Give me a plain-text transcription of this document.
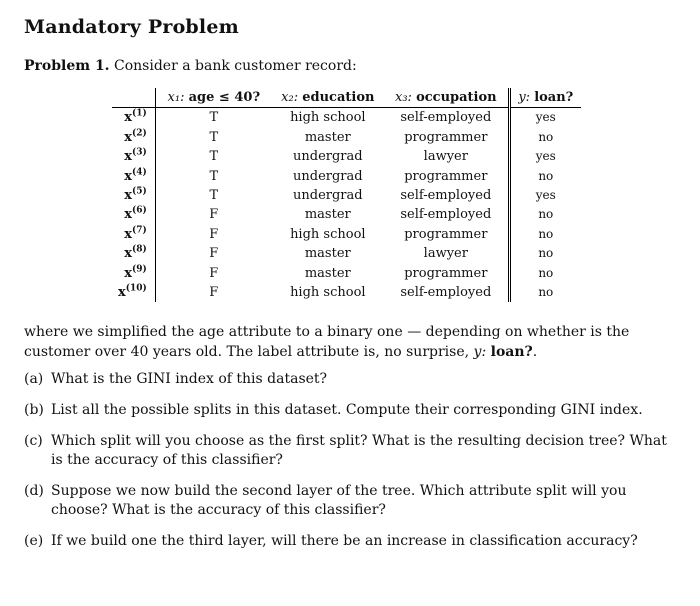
Mandatory Problem
Problem 1. Consider a bank customer record:
	x₁: age ≤ 40?	x₂: education	x₃: occupation	y: loan?
$x^{(1)}$	T	high school	self-employed	yes
$x^{(2)}$	T	master	programmer	no
$x^{(3)}$	T	undergrad	lawyer	yes
$x^{(4)}$	T	undergrad	programmer	no
$x^{(5)}$	T	undergrad	self-employed	yes
$x^{(6)}$	F	master	self-employed	no
$x^{(7)}$	F	high school	programmer	no
$x^{(8)}$	F	master	lawyer	no
$x^{(9)}$	F	master	programmer	no
$x^{(10)}$	F	high school	self-employed	no
where we simplified the age attribute to a binary one — depending on whether is the customer over 40 years old. The label attribute is, no surprise, y: loan?.
(a) What is the GINI index of this dataset?
(b) List all the possible splits in this dataset. Compute their corresponding GINI index.
(c) Which split will you choose as the first split? What is the resulting decision tree? What is the accuracy of this classifier?
(d) Suppose we now build the second layer of the tree. Which attribute split will you choose? What is the accuracy of this classifier?
(e) If we build one the third layer, will there be an increase in classification accuracy?
